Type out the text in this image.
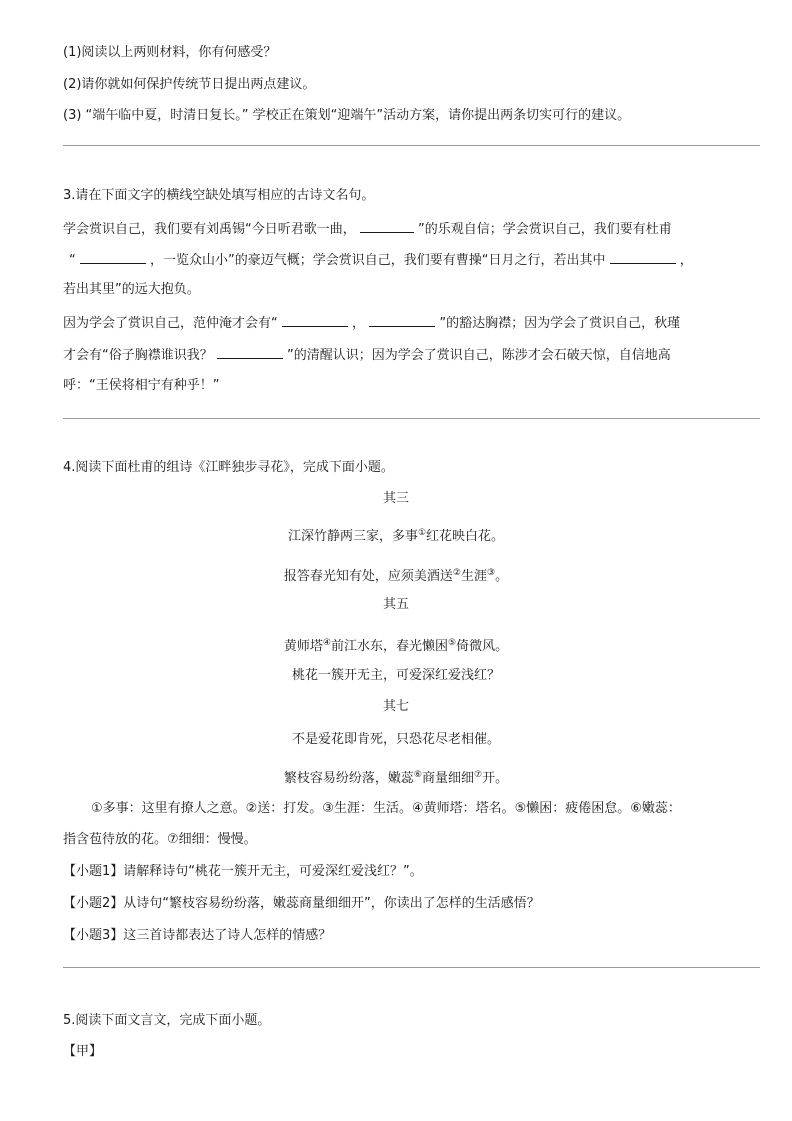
(1)阅读以上两则材料，你有何感受？
(2)请你就如何保护传统节日提出两点建议。
(3) “端午临中夏，时清日复长。” 学校正在策划“迎端午”活动方案，请你提出两条切实可行的建议。
3.请在下面文字的横线空缺处填写相应的古诗文名句。
学会赏识自己，我们要有刘禹锡“今日听君歌一曲，	”的乐观自信；学会赏识自己，我们要有杜甫
“	，一览众山小”的豪迈气概；学会赏识自己，我们要有曹操“日月之行，若出其中	，
若出其里”的远大抱负。
因为学会了赏识自己，范仲淹才会有“	，	”的豁达胸襟；因为学会了赏识自己，秋瑾
才会有“俗子胸襟谁识我？	”的清醒认识；因为学会了赏识自己，陈涉才会石破天惊，自信地高
呼：“王侯将相宁有种乎！”
4.阅读下面杜甫的组诗《江畔独步寻花》，完成下面小题。
其三
江深竹静两三家，多事①红花映白花。
报答春光知有处，应须美酒送②生涯③。
其五
黄师塔④前江水东，春光懒困⑤倚微风。
桃花一簇开无主，可爱深红爱浅红？
其七
不是爱花即肯死，只恐花尽老相催。
繁枝容易纷纷落，嫩蕊⑥商量细细⑦开。
①多事：这里有撩人之意。②送：打发。③生涯：生活。④黄师塔：塔名。⑤懒困：疲倦困怠。⑥嫩蕊：
指含苞待放的花。⑦细细：慢慢。
【小题1】请解释诗句“桃花一簇开无主，可爱深红爱浅红？”。
【小题2】从诗句“繁枝容易纷纷落，嫩蕊商量细细开”，你读出了怎样的生活感悟？
【小题3】这三首诗都表达了诗人怎样的情感？
5.阅读下面文言文，完成下面小题。
【甲】
